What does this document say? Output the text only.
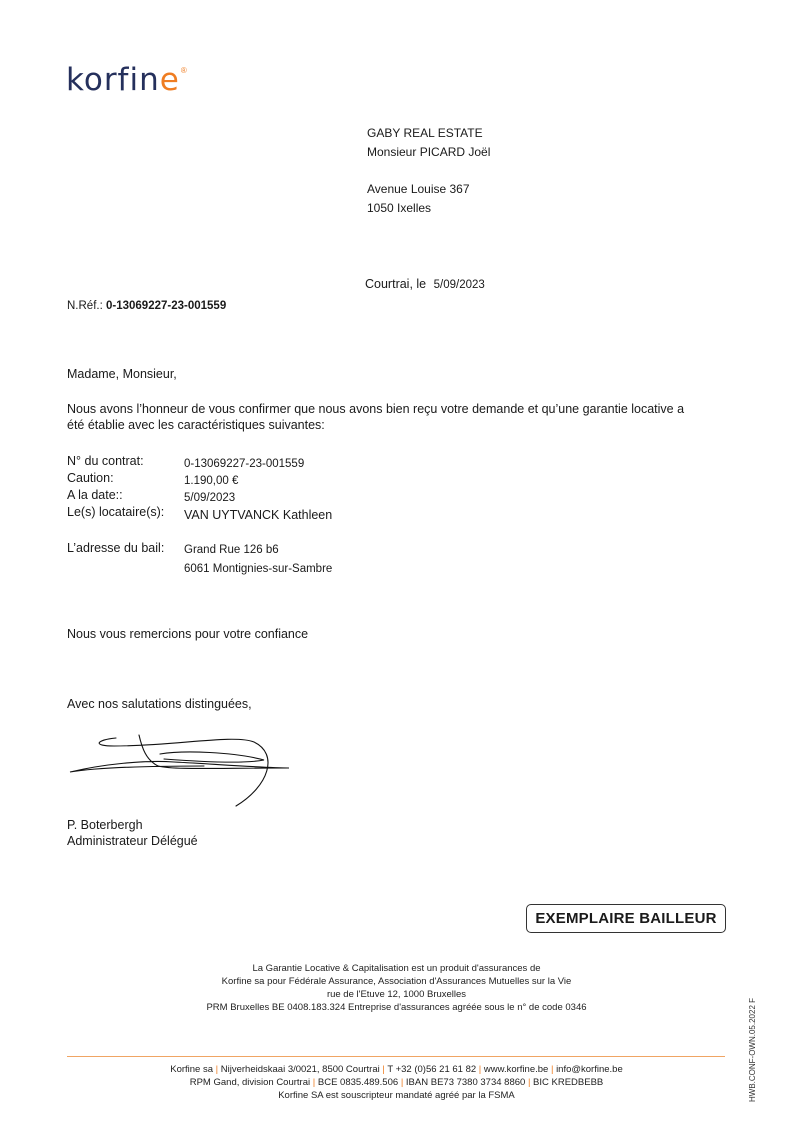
korfine®
GABY REAL ESTATE
Monsieur PICARD Joël
Avenue Louise 367
1050 Ixelles
Courtrai, le 5/09/2023
N.Réf.: 0-13069227-23-001559
Madame, Monsieur,
Nous avons l’honneur de vous confirmer que nous avons bien reçu votre demande et qu’une garantie locative a
été établie avec les caractéristiques suivantes:
N° du contrat:
Caution:
A la date::
Le(s) locataire(s):
0-13069227-23-001559
1.190,00 €
5/09/2023
VAN UYTVANCK Kathleen
L’adresse du bail: Grand Rue 126 b6
6061 Montignies-sur-Sambre
Nous vous remercions pour votre confiance
Avec nos salutations distinguées,
P. Boterbergh
Administrateur Délégué
EXEMPLAIRE BAILLEUR
La Garantie Locative & Capitalisation est un produit d'assurances de
Korfine sa pour Fédérale Assurance, Association d'Assurances Mutuelles sur la Vie
rue de l'Etuve 12, 1000 Bruxelles
PRM Bruxelles BE 0408.183.324 Entreprise d'assurances agréée sous le n° de code 0346
Korfine sa | Nijverheidskaai 3/0021, 8500 Courtrai | T +32 (0)56 21 61 82 | www.korfine.be | info@korfine.be
RPM Gand, division Courtrai | BCE 0835.489.506 | IBAN BE73 7380 3734 8860 | BIC KREDBEBB
Korfine SA est souscripteur mandaté agréé par la FSMA	HWB.CONF-OWN.05.2022 F
